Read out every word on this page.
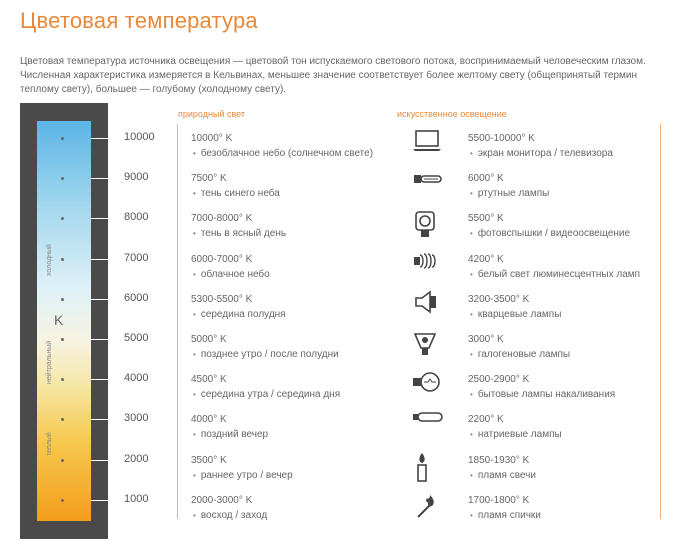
Цветовая температура

Цветовая температура источника освещения — цветовой тон испускаемого светового потока, воспринимаемый человеческим глазом.

Численная характеристика измеряется в Кельвинах, меньшее значение соответствует более желтому свету (общепринятый термин

теплому свету), большее — голубому (холодному свету).

холодный
нейтральный
теплый
K
10000
9000
8000
7000
6000
5000
4000
3000
2000
1000
10000° K
• безоблачное небо (солнечном свете)
7500° K
• тень синего неба
7000-8000° K
• тень в ясный день
6000-7000° K
• облачное небо
5300-5500° K
• середина полудня
5000° K
• позднее утро / после полудни
4500° K
• середина утра / середина дня
4000° K
• поздний вечер
3500° K
• раннее утро / вечер
2000-3000° K
• восход / заход
5500-10000° K
• экран монитора / телевизора
6000° K
• ртутные лампы
5500° K
• фотовспышки / видеоосвещение
4200° K
• белый свет люминесцентных ламп
3200-3500° K
• кварцевые лампы
3000° K
• галогеновые лампы
2500-2900° K
• бытовые лампы накаливания
2200° K
• натриевые лампы
1850-1930° K
• пламя свечи
1700-1800° K
• пламя спички
природный свет	искусственное освещение
